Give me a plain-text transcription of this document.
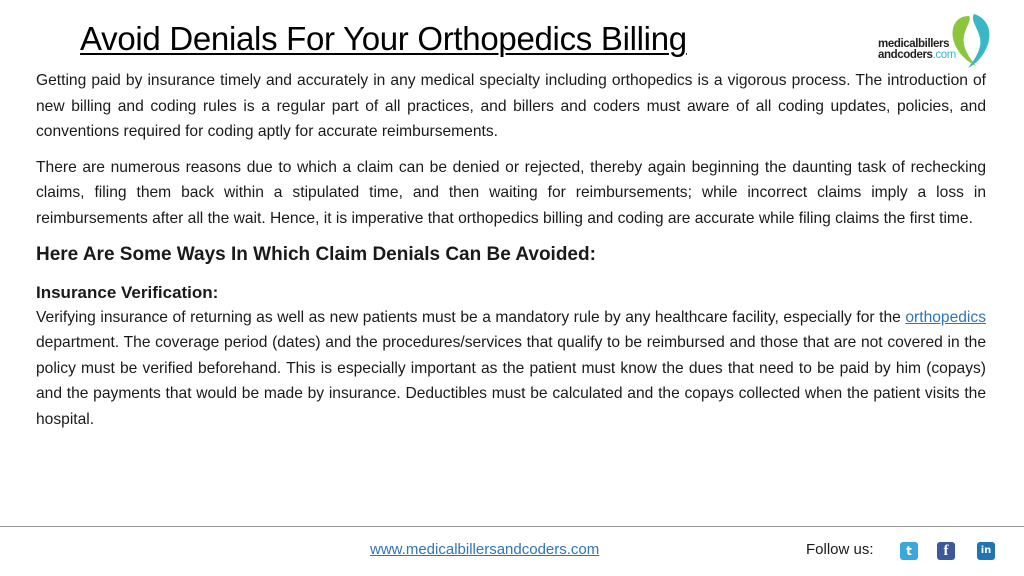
Avoid Denials For Your Orthopedics Billing	medicalbillers
andcoders.com

Getting paid by insurance timely and accurately in any medical specialty including orthopedics is a vigorous process. The introduction of new billing and coding rules is a regular part of all practices, and billers and coders must aware of all coding updates, policies, and conventions required for coding aptly for accurate reimbursements.

There are numerous reasons due to which a claim can be denied or rejected, thereby again beginning the daunting task of rechecking claims, filing them back within a stipulated time, and then waiting for reimbursements; while incorrect claims imply a loss in reimbursements after all the wait. Hence, it is imperative that orthopedics billing and coding are accurate while filing claims the first time.

Here Are Some Ways In Which Claim Denials Can Be Avoided:
Insurance Verification:

Verifying insurance of returning as well as new patients must be a mandatory rule by any healthcare facility, especially for the orthopedics department. The coverage period (dates) and the procedures/services that qualify to be reimbursed and those that are not covered in the policy must be verified beforehand. This is especially important as the patient must know the dues that need to be paid by him (copays) and the payments that would be made by insurance. Deductibles must be calculated and the copays collected when the patient visits the hospital.

www.medicalbillersandcoders.com	Follow us:	t	f	in
